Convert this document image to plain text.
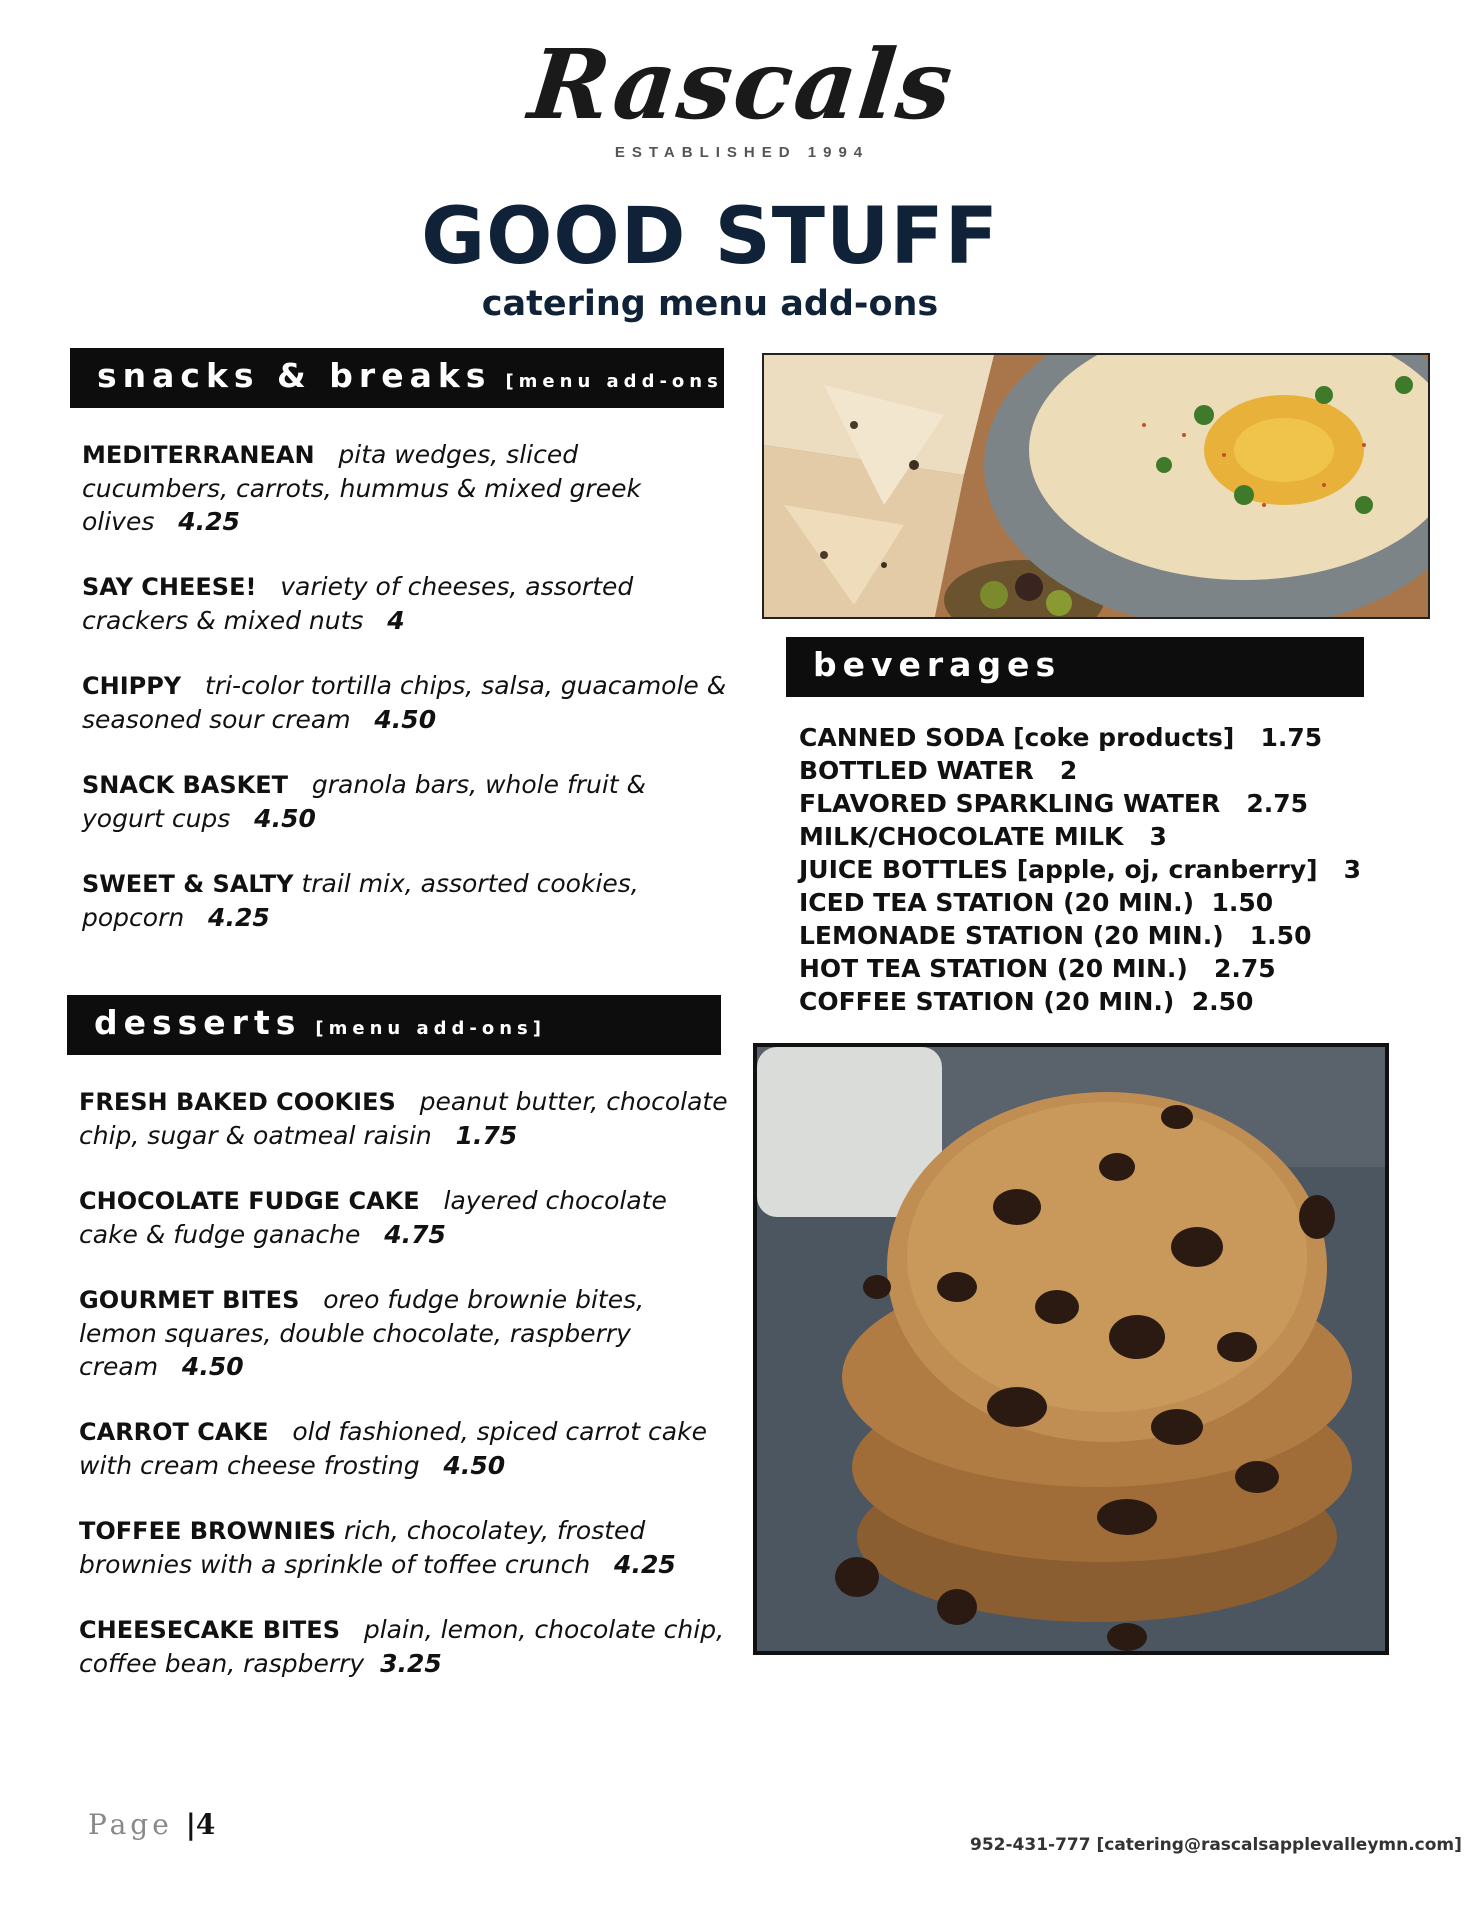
Rascals
ESTABLISHED 1994
GOOD STUFF
catering menu add-ons
snacks & breaks [menu add-ons]
MEDITERRANEAN pita wedges, sliced cucumbers, carrots, hummus & mixed greek olives 4.25
SAY CHEESE! variety of cheeses, assorted crackers & mixed nuts 4
CHIPPY tri-color tortilla chips, salsa, guacamole & seasoned sour cream 4.50
SNACK BASKET granola bars, whole fruit & yogurt cups 4.50
SWEET & SALTY trail mix, assorted cookies, popcorn 4.25
desserts [menu add-ons]
FRESH BAKED COOKIES peanut butter, chocolate chip, sugar & oatmeal raisin 1.75
CHOCOLATE FUDGE CAKE layered chocolate cake & fudge ganache 4.75
GOURMET BITES oreo fudge brownie bites, lemon squares, double chocolate, raspberry cream 4.50
CARROT CAKE old fashioned, spiced carrot cake with cream cheese frosting 4.50
TOFFEE BROWNIES rich, chocolatey, frosted brownies with a sprinkle of toffee crunch 4.25
CHEESECAKE BITES plain, lemon, chocolate chip, coffee bean, raspberry 3.25
beverages
CANNED SODA [coke products] 1.75
BOTTLED WATER 2
FLAVORED SPARKLING WATER 2.75
MILK/CHOCOLATE MILK 3
JUICE BOTTLES [apple, oj, cranberry] 3
ICED TEA STATION (20 MIN.) 1.50
LEMONADE STATION (20 MIN.) 1.50
HOT TEA STATION (20 MIN.) 2.75
COFFEE STATION (20 MIN.) 2.50
Page |4
952-431-777 [catering@rascalsapplevalleymn.com]
